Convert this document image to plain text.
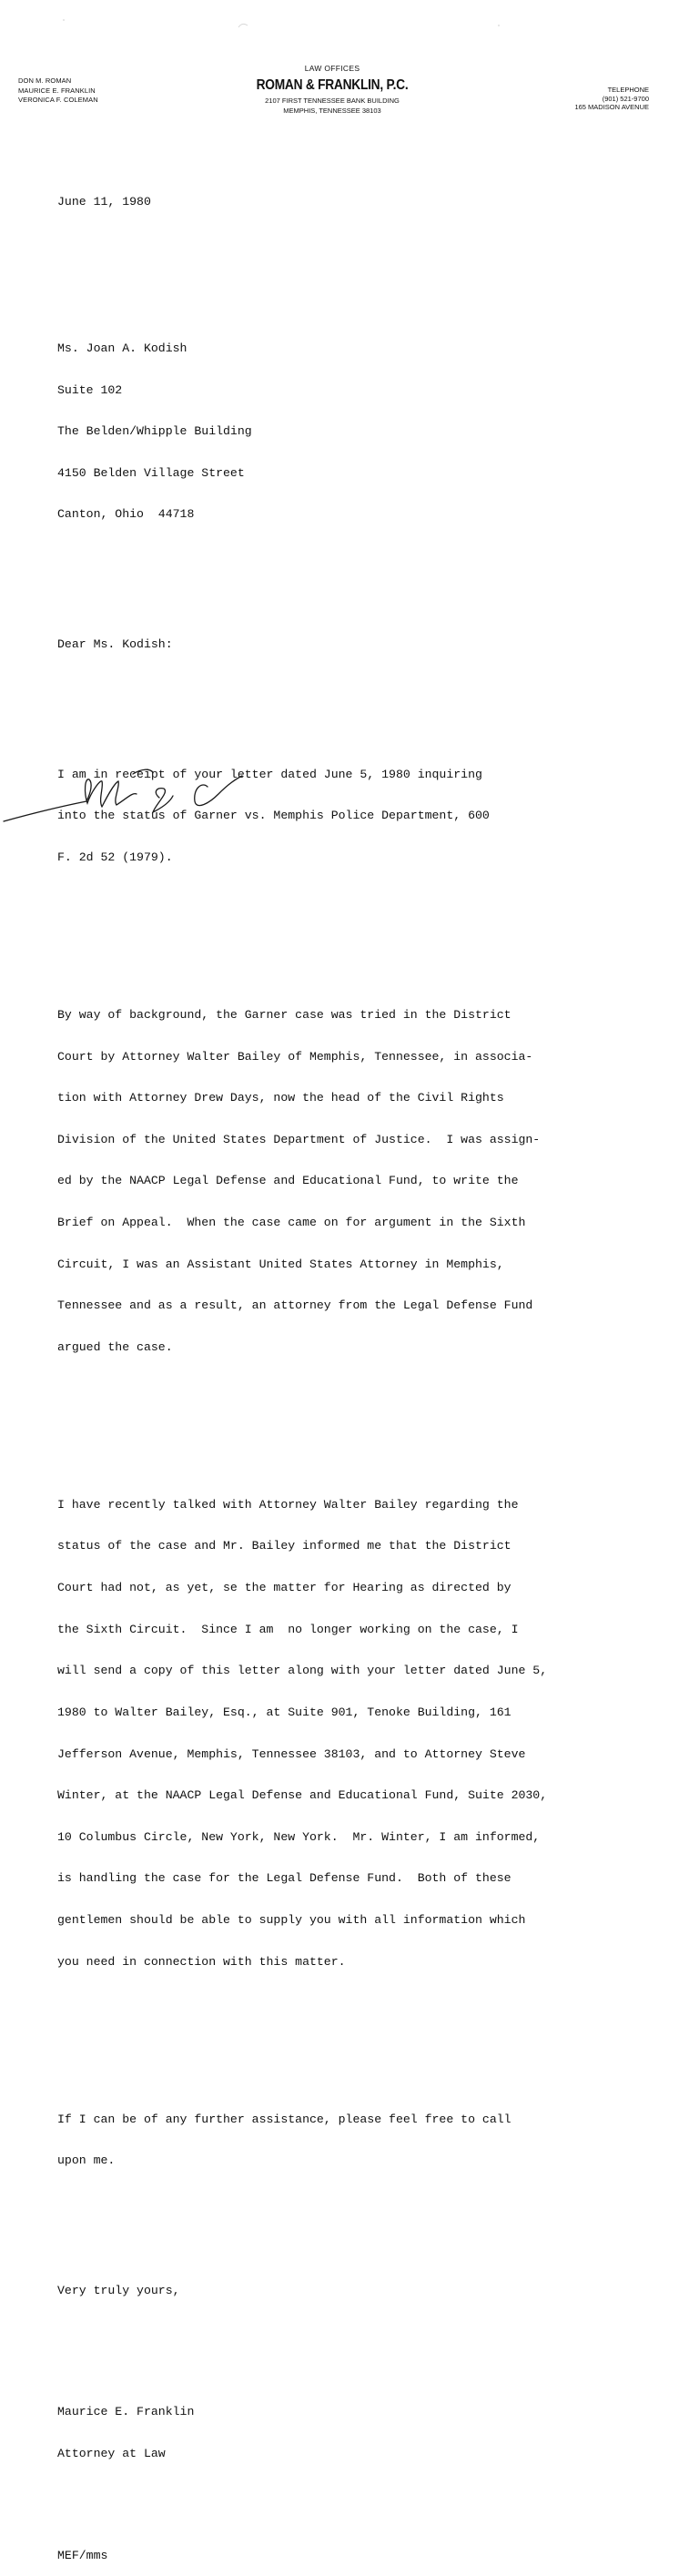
DON M. ROMAN
MAURICE E. FRANKLIN
VERONICA F. COLEMAN
LAW OFFICES
ROMAN & FRANKLIN, P.C.
2107 FIRST TENNESSEE BANK BUILDING
MEMPHIS, TENNESSEE 38103
TELEPHONE
(901) 521-9700
165 MADISON AVENUE

June 11, 1980

Ms. Joan A. Kodish

Suite 102

The Belden/Whipple Building

4150 Belden Village Street

Canton, Ohio  44718

Dear Ms. Kodish:

I am in receipt of your letter dated June 5, 1980 inquiring

into the status of Garner vs. Memphis Police Department, 600

F. 2d 52 (1979).

By way of background, the Garner case was tried in the District

Court by Attorney Walter Bailey of Memphis, Tennessee, in associa-

tion with Attorney Drew Days, now the head of the Civil Rights

Division of the United States Department of Justice.  I was assign-

ed by the NAACP Legal Defense and Educational Fund, to write the

Brief on Appeal.  When the case came on for argument in the Sixth

Circuit, I was an Assistant United States Attorney in Memphis,

Tennessee and as a result, an attorney from the Legal Defense Fund

argued the case.

I have recently talked with Attorney Walter Bailey regarding the

status of the case and Mr. Bailey informed me that the District

Court had not, as yet, se the matter for Hearing as directed by

the Sixth Circuit.  Since I am  no longer working on the case, I

will send a copy of this letter along with your letter dated June 5,

1980 to Walter Bailey, Esq., at Suite 901, Tenoke Building, 161

Jefferson Avenue, Memphis, Tennessee 38103, and to Attorney Steve

Winter, at the NAACP Legal Defense and Educational Fund, Suite 2030,

10 Columbus Circle, New York, New York.  Mr. Winter, I am informed,

is handling the case for the Legal Defense Fund.  Both of these

gentlemen should be able to supply you with all information which

you need in connection with this matter.

If I can be of any further assistance, please feel free to call

upon me.

Very truly yours,

Maurice E. Franklin

Attorney at Law

MEF/mms
